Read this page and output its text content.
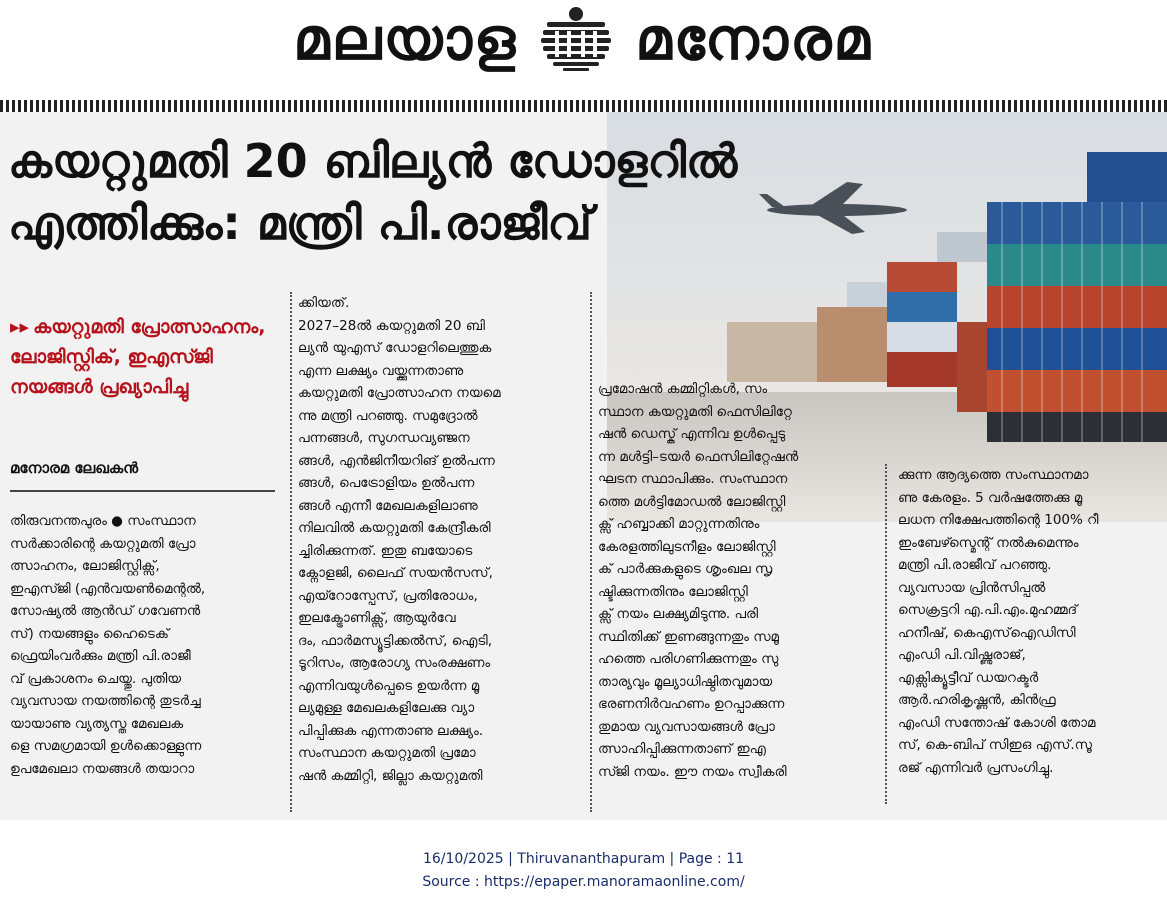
മലയാള മനോരമ
കയറ്റുമതി 20 ബില്യൻ ഡോളറിൽ
എത്തിക്കും: മന്ത്രി പി.രാജീവ്
▸▸ കയറ്റുമതി പ്രോത്സാഹനം, ലോജിസ്റ്റിക്, ഇഎസ്ജി നയങ്ങൾ പ്രഖ്യാപിച്ചു
മനോരമ ലേഖകൻ
തിരുവനന്തപുരം ● സംസ്ഥാന
സർക്കാരിന്റെ കയറ്റുമതി പ്രോ
ത്സാഹനം, ലോജിസ്റ്റിക്സ്,
ഇഎസ്ജി (എൻവയൺമെന്റൽ,
സോഷ്യൽ ആൻഡ് ഗവേണൻ
സ്) നയങ്ങളും ഹൈടെക്
ഫ്രെയിംവർക്കും മന്ത്രി പി.രാജീ
വ് പ്രകാശനം ചെയ്തു. പുതിയ
വ്യവസായ നയത്തിന്റെ തുടർച്ച
യായാണു വ്യത്യസ്ത മേഖലക
ളെ സമഗ്രമായി ഉൾക്കൊള്ളുന്ന
ഉപമേഖലാ നയങ്ങൾ തയാറാ
ക്കിയത്.
2027–28ൽ കയറ്റുമതി 20 ബി
ല്യൻ യുഎസ് ഡോളറിലെത്തുക
എന്ന ലക്ഷ്യം വയ്ക്കുന്നതാണു
കയറ്റുമതി പ്രോത്സാഹന നയമെ
ന്നു മന്ത്രി പറഞ്ഞു. സമുദ്രോൽ
പന്നങ്ങൾ, സുഗന്ധവ്യഞ്ജന
ങ്ങൾ, എൻജിനീയറിങ് ഉൽപന്ന
ങ്ങൾ, പെട്രോളിയം ഉൽപന്ന
ങ്ങൾ എന്നീ മേഖലകളിലാണു
നിലവിൽ കയറ്റുമതി കേന്ദ്രീകരി
ച്ചിരിക്കുന്നത്. ഇതു ബയോടെ
ക്നോളജി, ലൈഫ് സയൻസസ്,
എയ്റോസ്പേസ്, പ്രതിരോധം,
ഇലക്ട്രോണിക്സ്, ആയുർവേ
ദം, ഫാർമസ്യൂട്ടിക്കൽസ്, ഐടി,
ടൂറിസം, ആരോഗ്യ സംരക്ഷണം
എന്നിവയുൾപ്പെടെ ഉയർന്ന മൂ
ല്യമുള്ള മേഖലകളിലേക്കു വ്യാ
പിപ്പിക്കുക എന്നതാണു ലക്ഷ്യം.
സംസ്ഥാന കയറ്റുമതി പ്രമോ
ഷൻ കമ്മിറ്റി, ജില്ലാ കയറ്റുമതി
പ്രമോഷൻ കമ്മിറ്റികൾ, സം
സ്ഥാന കയറ്റുമതി ഫെസിലിറ്റേ
ഷൻ ഡെസ്ക് എന്നിവ ഉൾപ്പെടു
ന്ന മൾട്ടി–ടയർ ഫെസിലിറ്റേഷൻ
ഘടന സ്ഥാപിക്കും. സംസ്ഥാന
ത്തെ മൾട്ടിമോഡൽ ലോജിസ്റ്റി
ക്സ് ഹബ്ബാക്കി മാറ്റുന്നതിനും
കേരളത്തിലുടനീളം ലോജിസ്റ്റി
ക് പാർക്കുകളുടെ ശൃംഖല സൃ
ഷ്ടിക്കുന്നതിനും ലോജിസ്റ്റി
ക്സ് നയം ലക്ഷ്യമിടുന്നു. പരി
സ്ഥിതിക്ക് ഇണങ്ങുന്നതും സമൂ
ഹത്തെ പരിഗണിക്കുന്നതും സു
താര്യവും മൂല്യാധിഷ്ഠിതവുമായ
ഭരണനിർവഹണം ഉറപ്പാക്കുന്ന
തുമായ വ്യവസായങ്ങൾ പ്രോ
ത്സാഹിപ്പിക്കുന്നതാണ് ഇഎ
സ്ജി നയം. ഈ നയം സ്വീകരി
ക്കുന്ന ആദ്യത്തെ സംസ്ഥാനമാ
ണു കേരളം. 5 വർഷത്തേക്കു മൂ
ലധന നിക്ഷേപത്തിന്റെ 100% റീ
ഇംബേഴ്സ്മെന്റ് നൽകുമെന്നും
മന്ത്രി പി.രാജീവ് പറഞ്ഞു.
വ്യവസായ പ്രിൻസിപ്പൽ
സെക്രട്ടറി എ.പി.എം.മുഹമ്മദ്
ഹനീഷ്, കെഎസ്ഐഡിസി
എംഡി പി.വിഷ്ണുരാജ്,
എക്സിക്യൂട്ടീവ് ഡയറക്ടർ
ആർ.ഹരികൃഷ്ണൻ, കിൻഫ്ര
എംഡി സന്തോഷ് കോശി തോമ
സ്, കെ-ബിപ് സിഇഒ എസ്.സൂ
രജ് എന്നിവർ പ്രസംഗിച്ചു.
16/10/2025 | Thiruvananthapuram | Page : 11
Source : https://epaper.manoramaonline.com/
